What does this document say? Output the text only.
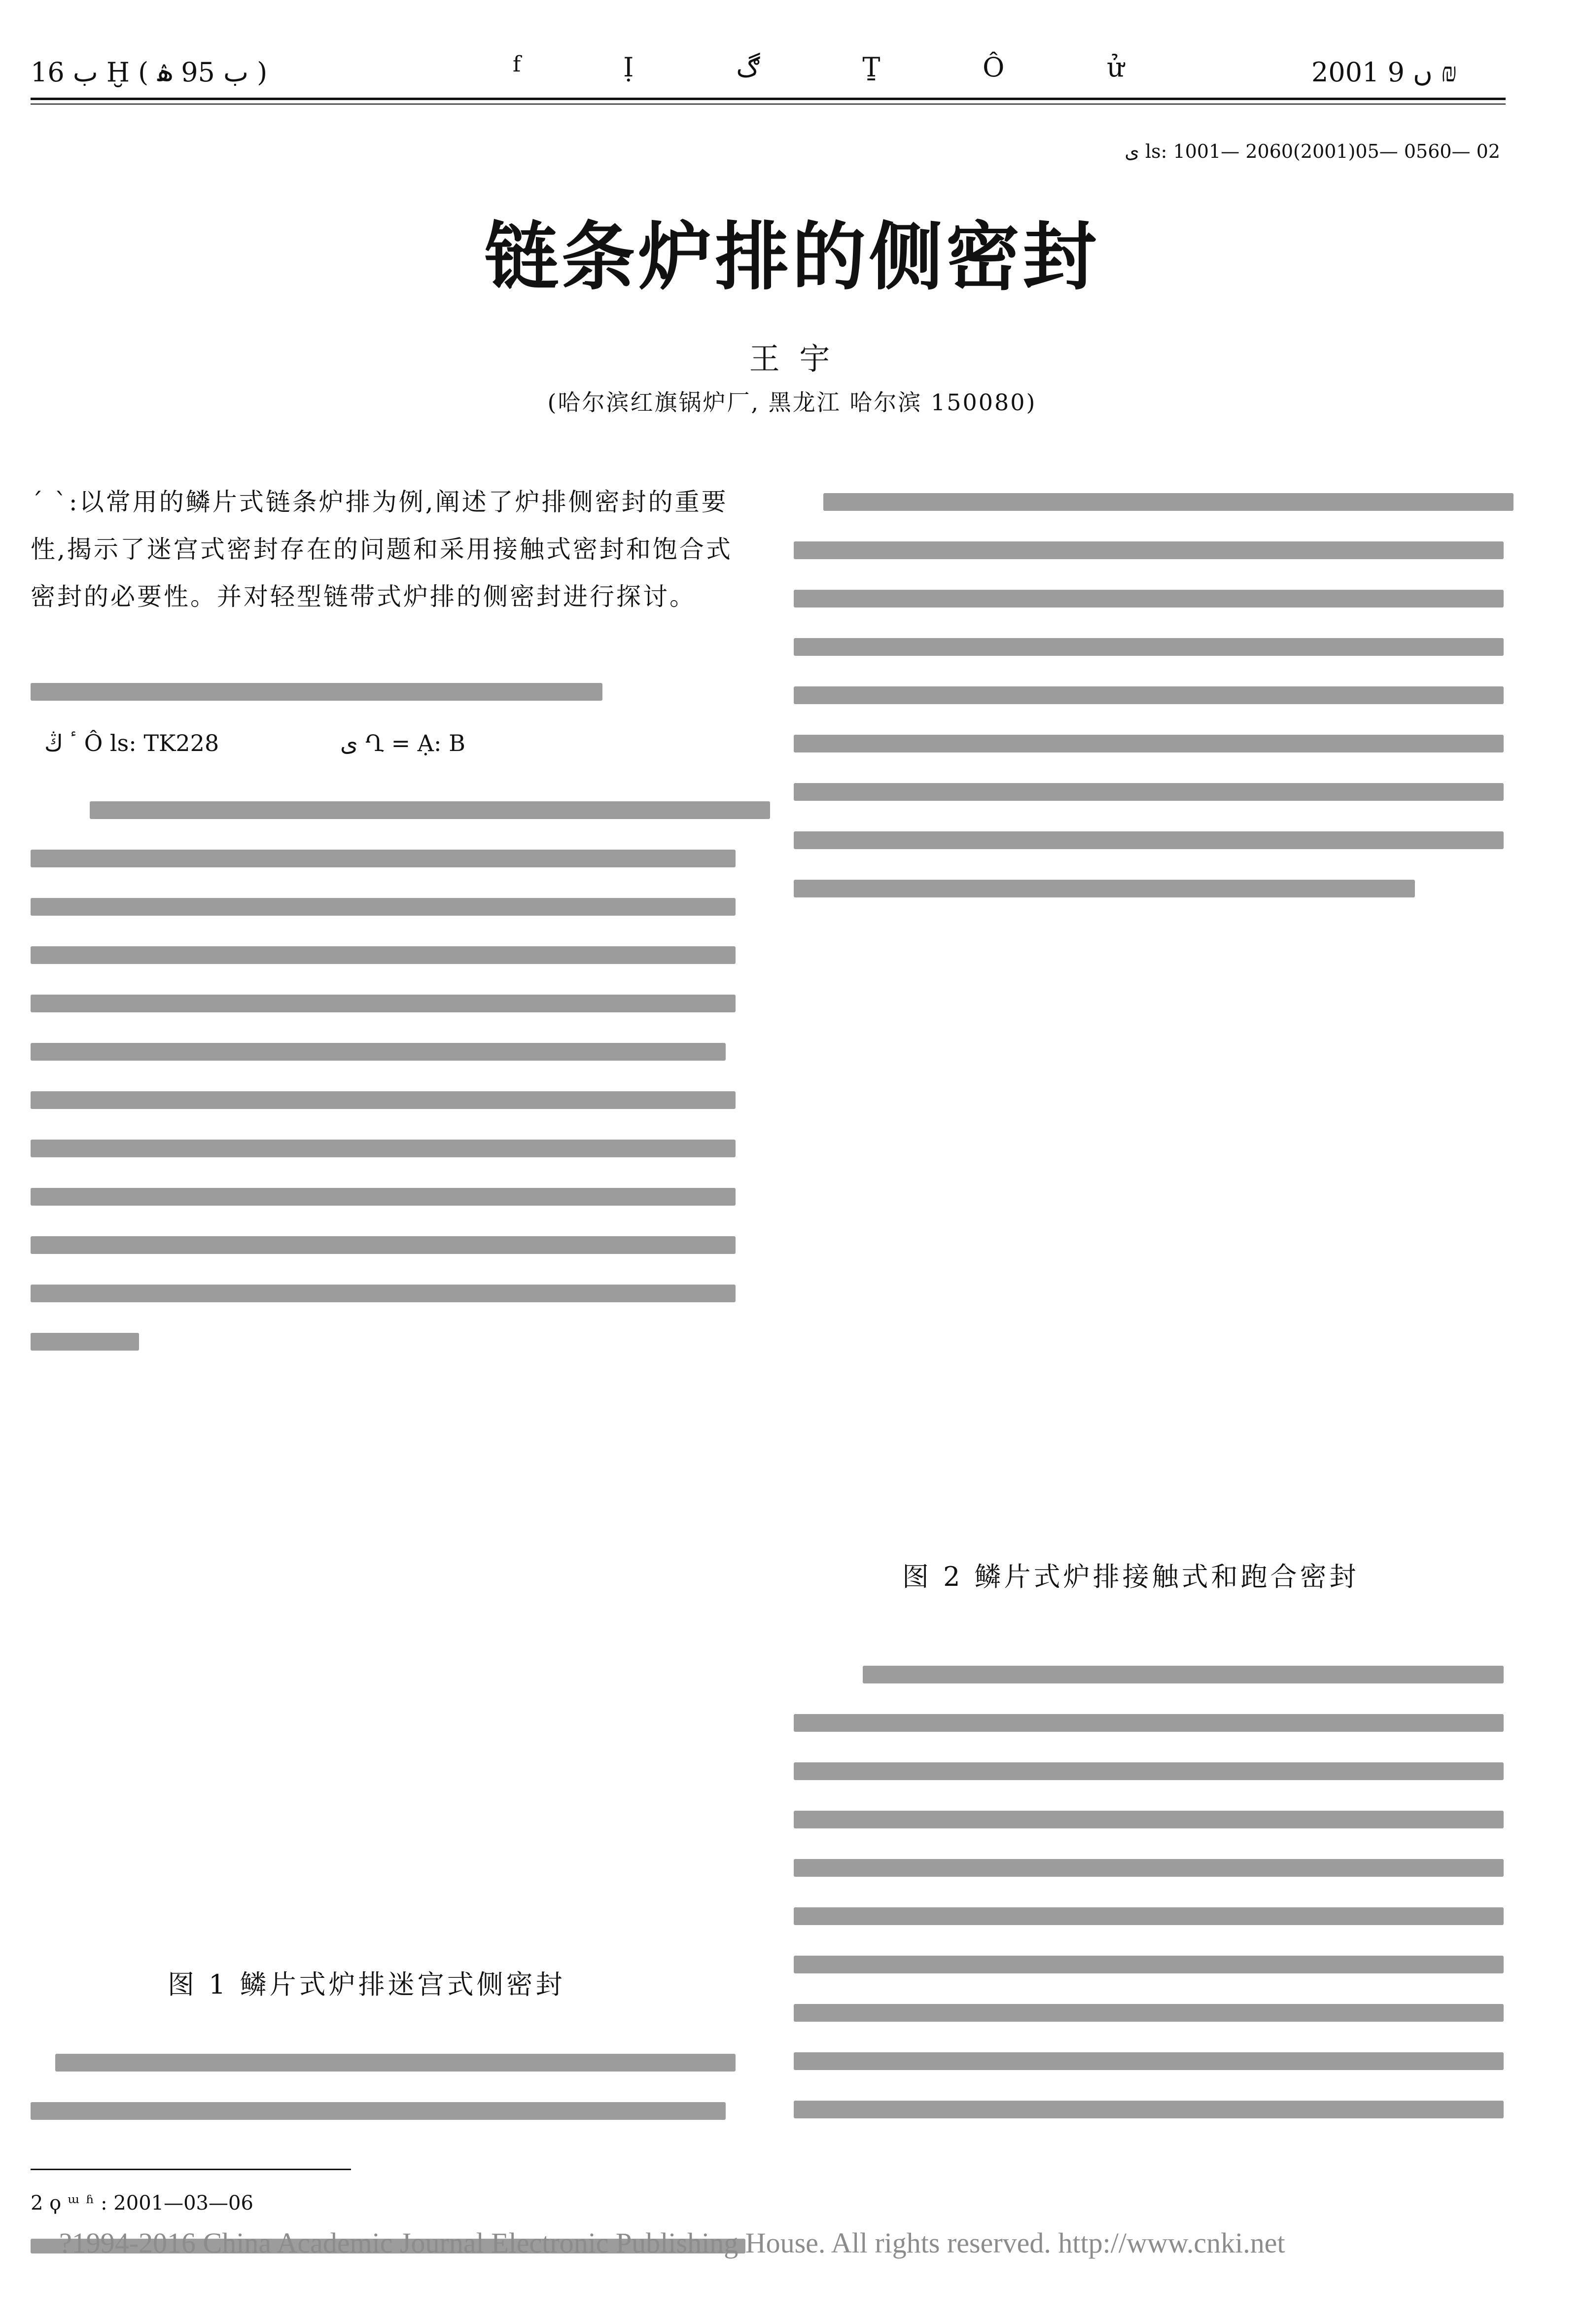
ب 16 Ḫ ( ب 95 ۿ )	f	Ị	ڰ	Ṯ	Ô	ử	2001 ں 9 ₪
ی ls: 1001— 2060(2001)05— 0560— 02
链条炉排的侧密封
王 宇
(哈尔滨红旗锅炉厂, 黑龙江 哈尔滨 150080)
ˊ ˋ:以常用的鳞片式链条炉排为例,阐述了炉排侧密封的重要性,揭示了迷宫式密封存在的问题和采用接触式密封和饱合式密封的必要性。并对轻型链带式炉排的侧密封进行探讨。
ٴ ڭ Ô ls: TK228	ی Ղ = Ạ: B
图 1 鳞片式炉排迷宫式侧密封
2 ϙ ᵚ ʱ : 2001—03—06
图 2 鳞片式炉排接触式和跑合密封
?1994-2016 China Academic Journal Electronic Publishing House. All rights reserved. http://www.cnki.net
